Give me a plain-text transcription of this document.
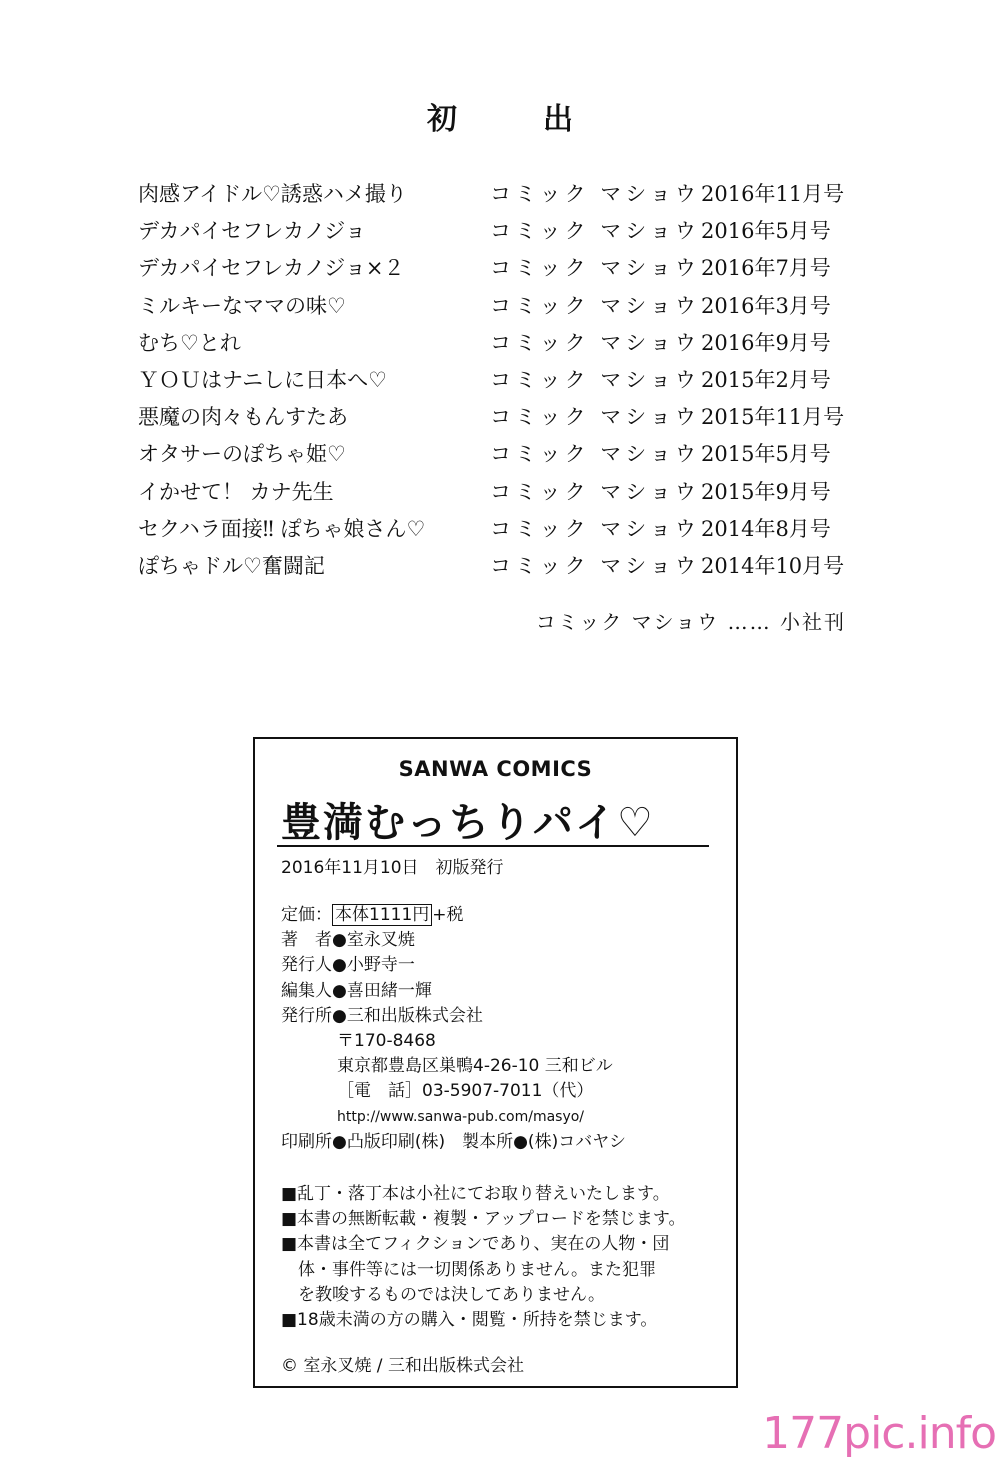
初　出
肉感アイドル♡誘惑ハメ撮り	コミック マショウ 2016年11月号
デカパイセフレカノジョ	コミック マショウ 2016年5月号
デカパイセフレカノジョ×２	コミック マショウ 2016年7月号
ミルキーなママの味♡	コミック マショウ 2016年3月号
むち♡とれ	コミック マショウ 2016年9月号
ＹＯＵはナニしに日本へ♡	コミック マショウ 2015年2月号
悪魔の肉々もんすたあ	コミック マショウ 2015年11月号
オタサーのぽちゃ姫♡	コミック マショウ 2015年5月号
イかせて！ カナ先生	コミック マショウ 2015年9月号
セクハラ面接‼ ぽちゃ娘さん♡	コミック マショウ 2014年8月号
ぽちゃドル♡奮闘記	コミック マショウ 2014年10月号
コミック マショウ …… 小社刊
SANWA COMICS
豊満むっちりパイ♡
2016年11月10日　初版発行
定価： 本体1111円 +税
著　者●室永叉焼
発行人●小野寺一
編集人●喜田緒一輝
発行所●三和出版株式会社
〒170-8468
東京都豊島区巣鴨4-26-10 三和ビル
［電　話］03-5907-7011（代）
http://www.sanwa-pub.com/masyo/
印刷所●凸版印刷(株)　製本所●(株)コバヤシ
■乱丁・落丁本は小社にてお取り替えいたします。
■本書の無断転載・複製・アップロードを禁じます。
■本書は全てフィクションであり、実在の人物・団
体・事件等には一切関係ありません。また犯罪
を教唆するものでは決してありません。
■18歳未満の方の購入・閲覧・所持を禁じます。
© 室永叉焼 / 三和出版株式会社
177pic.info
